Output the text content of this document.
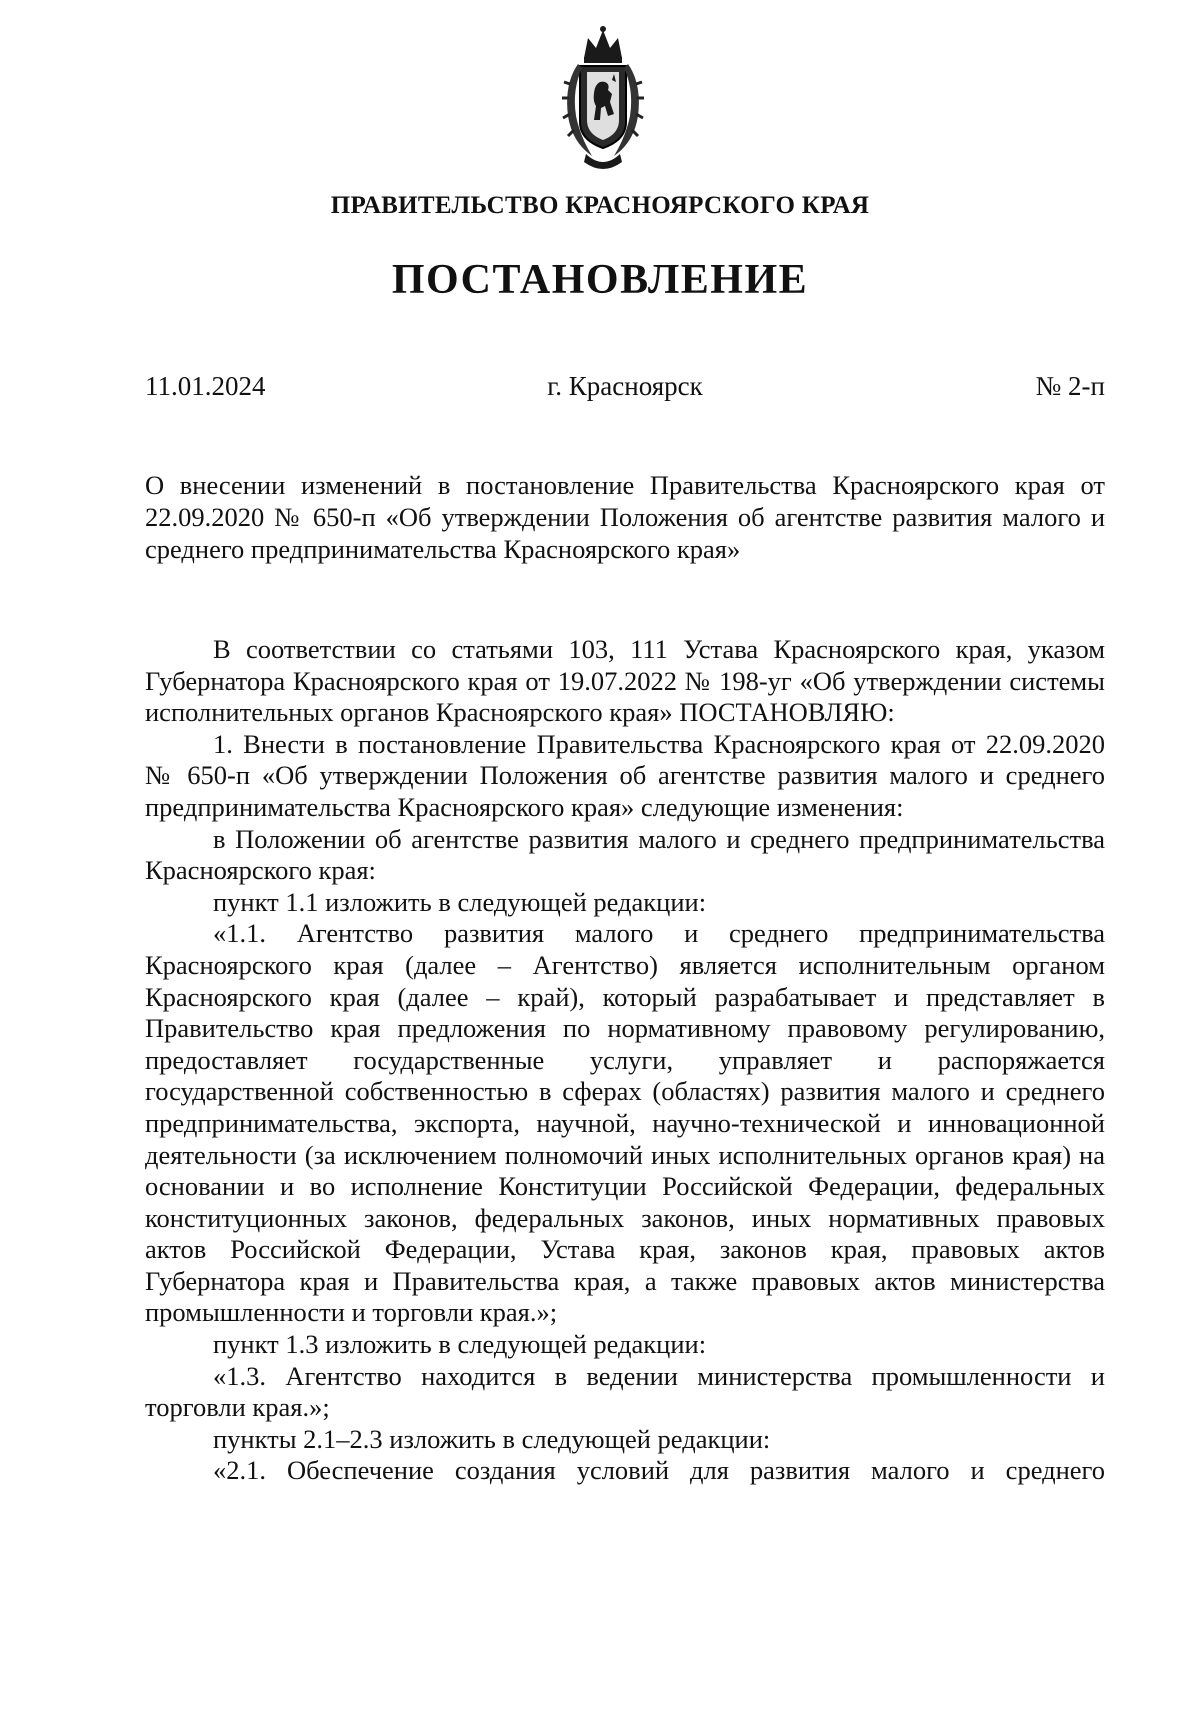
ПРАВИТЕЛЬСТВО КРАСНОЯРСКОГО КРАЯ
ПОСТАНОВЛЕНИЕ
11.01.2024	г. Красноярск	№ 2-п
О внесении изменений в постановление Правительства Красноярского края от 22.09.2020 № 650-п «Об утверждении Положения об агентстве развития малого и среднего предпринимательства Красноярского края»

В соответствии со статьями 103, 111 Устава Красноярского края, указом Губернатора Красноярского края от 19.07.2022 № 198-уг «Об утверждении системы исполнительных органов Красноярского края» ПОСТАНОВЛЯЮ:

1. Внести в постановление Правительства Красноярского края от 22.09.2020 № 650-п «Об утверждении Положения об агентстве развития малого и среднего предпринимательства Красноярского края» следующие изменения:

в Положении об агентстве развития малого и среднего предпринимательства Красноярского края:

пункт 1.1 изложить в следующей редакции:

«1.1. Агентство развития малого и среднего предпринимательства Красноярского края (далее – Агентство) является исполнительным органом Красноярского края (далее – край), который разрабатывает и представляет в Правительство края предложения по нормативному правовому регулированию, предоставляет государственные услуги, управляет и распоряжается государственной собственностью в сферах (областях) развития малого и среднего предпринимательства, экспорта, научной, научно-технической и инновационной деятельности (за исключением полномочий иных исполнительных органов края) на основании и во исполнение Конституции Российской Федерации, федеральных конституционных законов, федеральных законов, иных нормативных правовых актов Российской Федерации, Устава края, законов края, правовых актов Губернатора края и Правительства края, а также правовых актов министерства промышленности и торговли края.»;

пункт 1.3 изложить в следующей редакции:

«1.3. Агентство находится в ведении министерства промышленности и торговли края.»;

пункты 2.1–2.3 изложить в следующей редакции:

«2.1. Обеспечение создания условий для развития малого и среднего
